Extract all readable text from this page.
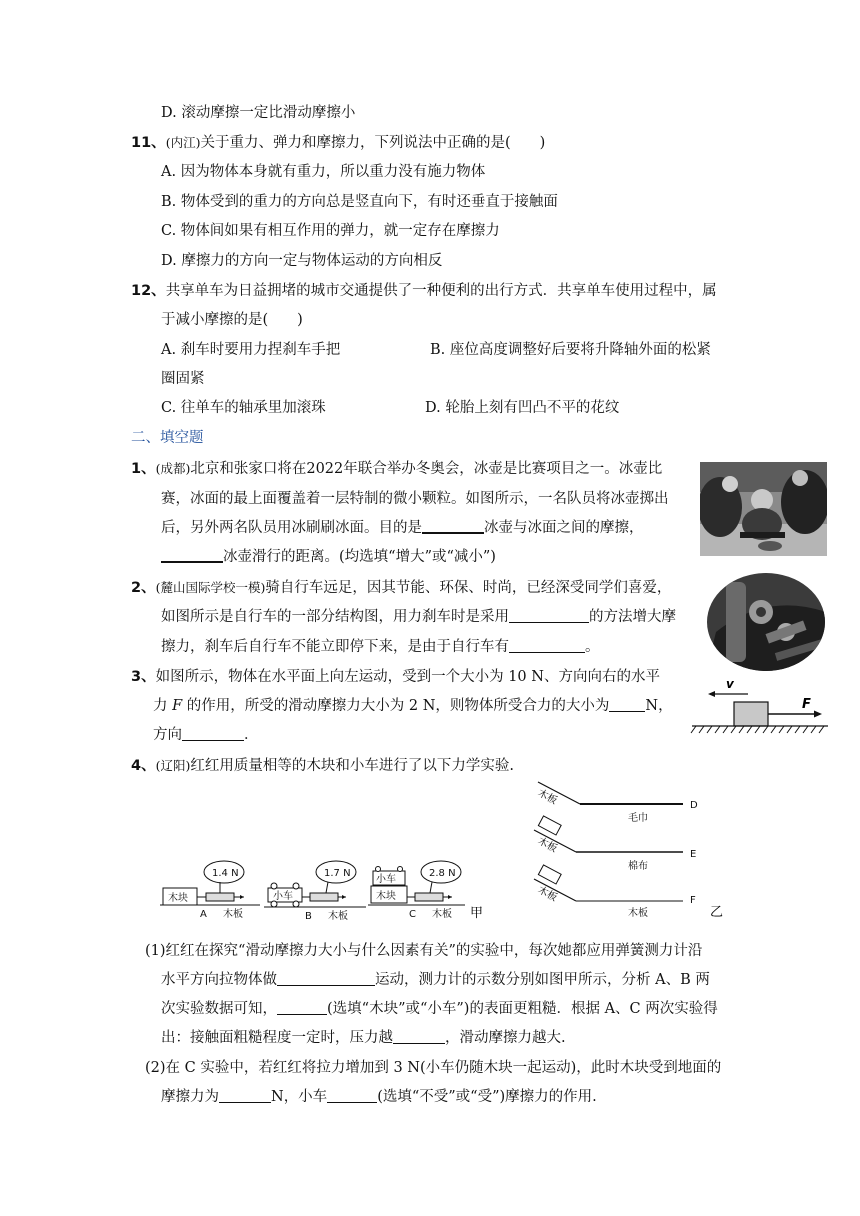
D. 滚动摩擦一定比滑动摩擦小
11、(内江)关于重力、弹力和摩擦力，下列说法中正确的是(　　)
A. 因为物体本身就有重力，所以重力没有施力物体
B. 物体受到的重力的方向总是竖直向下，有时还垂直于接触面
C. 物体间如果有相互作用的弹力，就一定存在摩擦力
D. 摩擦力的方向一定与物体运动的方向相反
12、共享单车为日益拥堵的城市交通提供了一种便利的出行方式．共享单车使用过程中，属
于减小摩擦的是(　　)
A. 刹车时要用力捏刹车手把	B. 座位高度调整好后要将升降轴外面的松紧
圈固紧
C. 往单车的轴承里加滚珠	D. 轮胎上刻有凹凸不平的花纹
二、填空题
1、(成都)北京和张家口将在2022年联合举办冬奥会，冰壶是比赛项目之一。冰壶比
赛，冰面的最上面覆盖着一层特制的微小颗粒。如图所示，一名队员将冰壶掷出
后，另外两名队员用冰刷刷冰面。目的是	冰壶与冰面之间的摩擦，
冰壶滑行的距离。(均选填“增大”或“减小”)
2、(麓山国际学校一模)骑自行车远足，因其节能、环保、时尚，已经深受同学们喜爱，
如图所示是自行车的一部分结构图，用力刹车时是采用	的方法增大摩
擦力，刹车后自行车不能立即停下来，是由于自行车有	。
3、如图所示，物体在水平面上向左运动，受到一个大小为 10 N、方向向右的水平
力 F 的作用，所受的滑动摩擦力大小为 2 N，则物体所受合力的大小为 N，
方向	．
v
F
4、(辽阳)红红用质量相等的木块和小车进行了以下力学实验.
木块
1.4 N
A 木板
小车
1.7 N
B 木板
小车
木块
2.8 N
C 木板 甲
木板
毛巾
D
木板
棉布
E
木板
木板
F
乙
(1)红红在探究“滑动摩擦力大小与什么因素有关”的实验中，每次她都应用弹簧测力计沿
水平方向拉物体做	运动，测力计的示数分别如图甲所示，分析 A、B 两
次实验数据可知，	(选填“木块”或“小车”)的表面更粗糙．根据 A、C 两次实验得
出：接触面粗糙程度一定时，压力越	，滑动摩擦力越大.
(2)在 C 实验中，若红红将拉力增加到 3 N(小车仍随木块一起运动)，此时木块受到地面的
摩擦力为	N，小车	(选填“不受”或“受”)摩擦力的作用.
